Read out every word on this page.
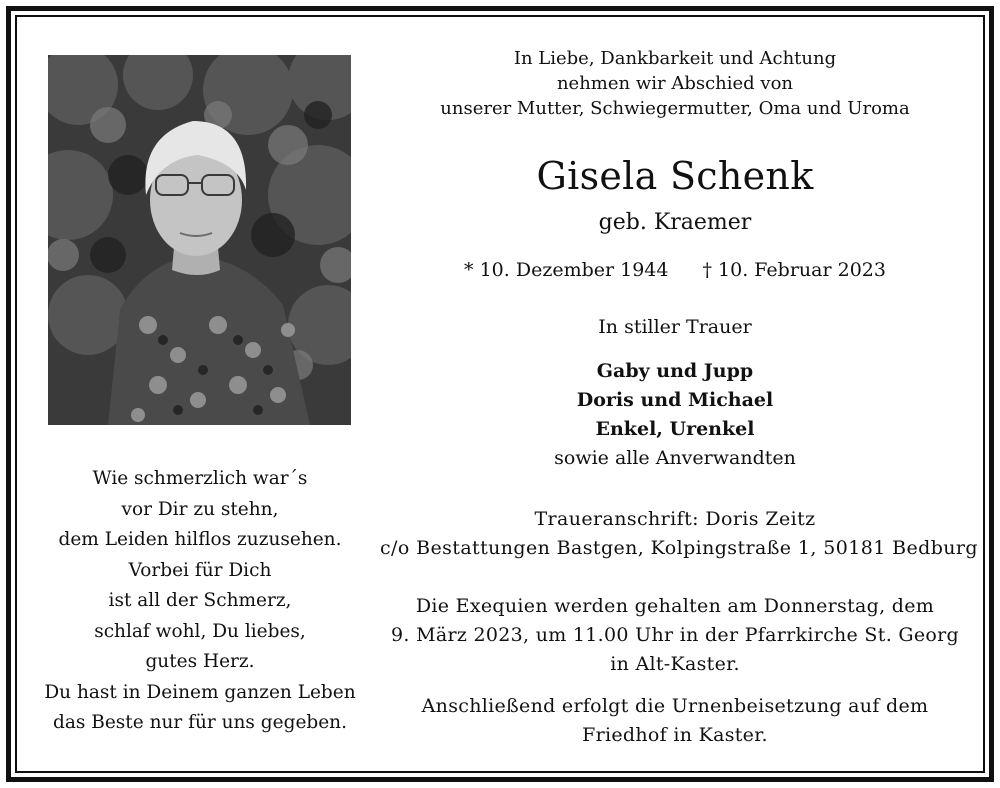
Wie schmerzlich war´s
vor Dir zu stehn,
dem Leiden hilflos zuzusehen.
Vorbei für Dich
ist all der Schmerz,
schlaf wohl, Du liebes,
gutes Herz.
Du hast in Deinem ganzen Leben
das Beste nur für uns gegeben.
In Liebe, Dankbarkeit und Achtung
nehmen wir Abschied von
unserer Mutter, Schwiegermutter, Oma und Uroma
Gisela Schenk
geb. Kraemer
* 10. Dezember 1944 † 10. Februar 2023
In stiller Trauer
Gaby und Jupp
Doris und Michael
Enkel, Urenkel
sowie alle Anverwandten
Traueranschrift: Doris Zeitz
c/o Bestattungen Bastgen, Kolpingstraße 1, 50181 Bedburg
Die Exequien werden gehalten am Donnerstag, dem
9. März 2023, um 11.00 Uhr in der Pfarrkirche St. Georg
in Alt-Kaster.
Anschließend erfolgt die Urnenbeisetzung auf dem
Friedhof in Kaster.
